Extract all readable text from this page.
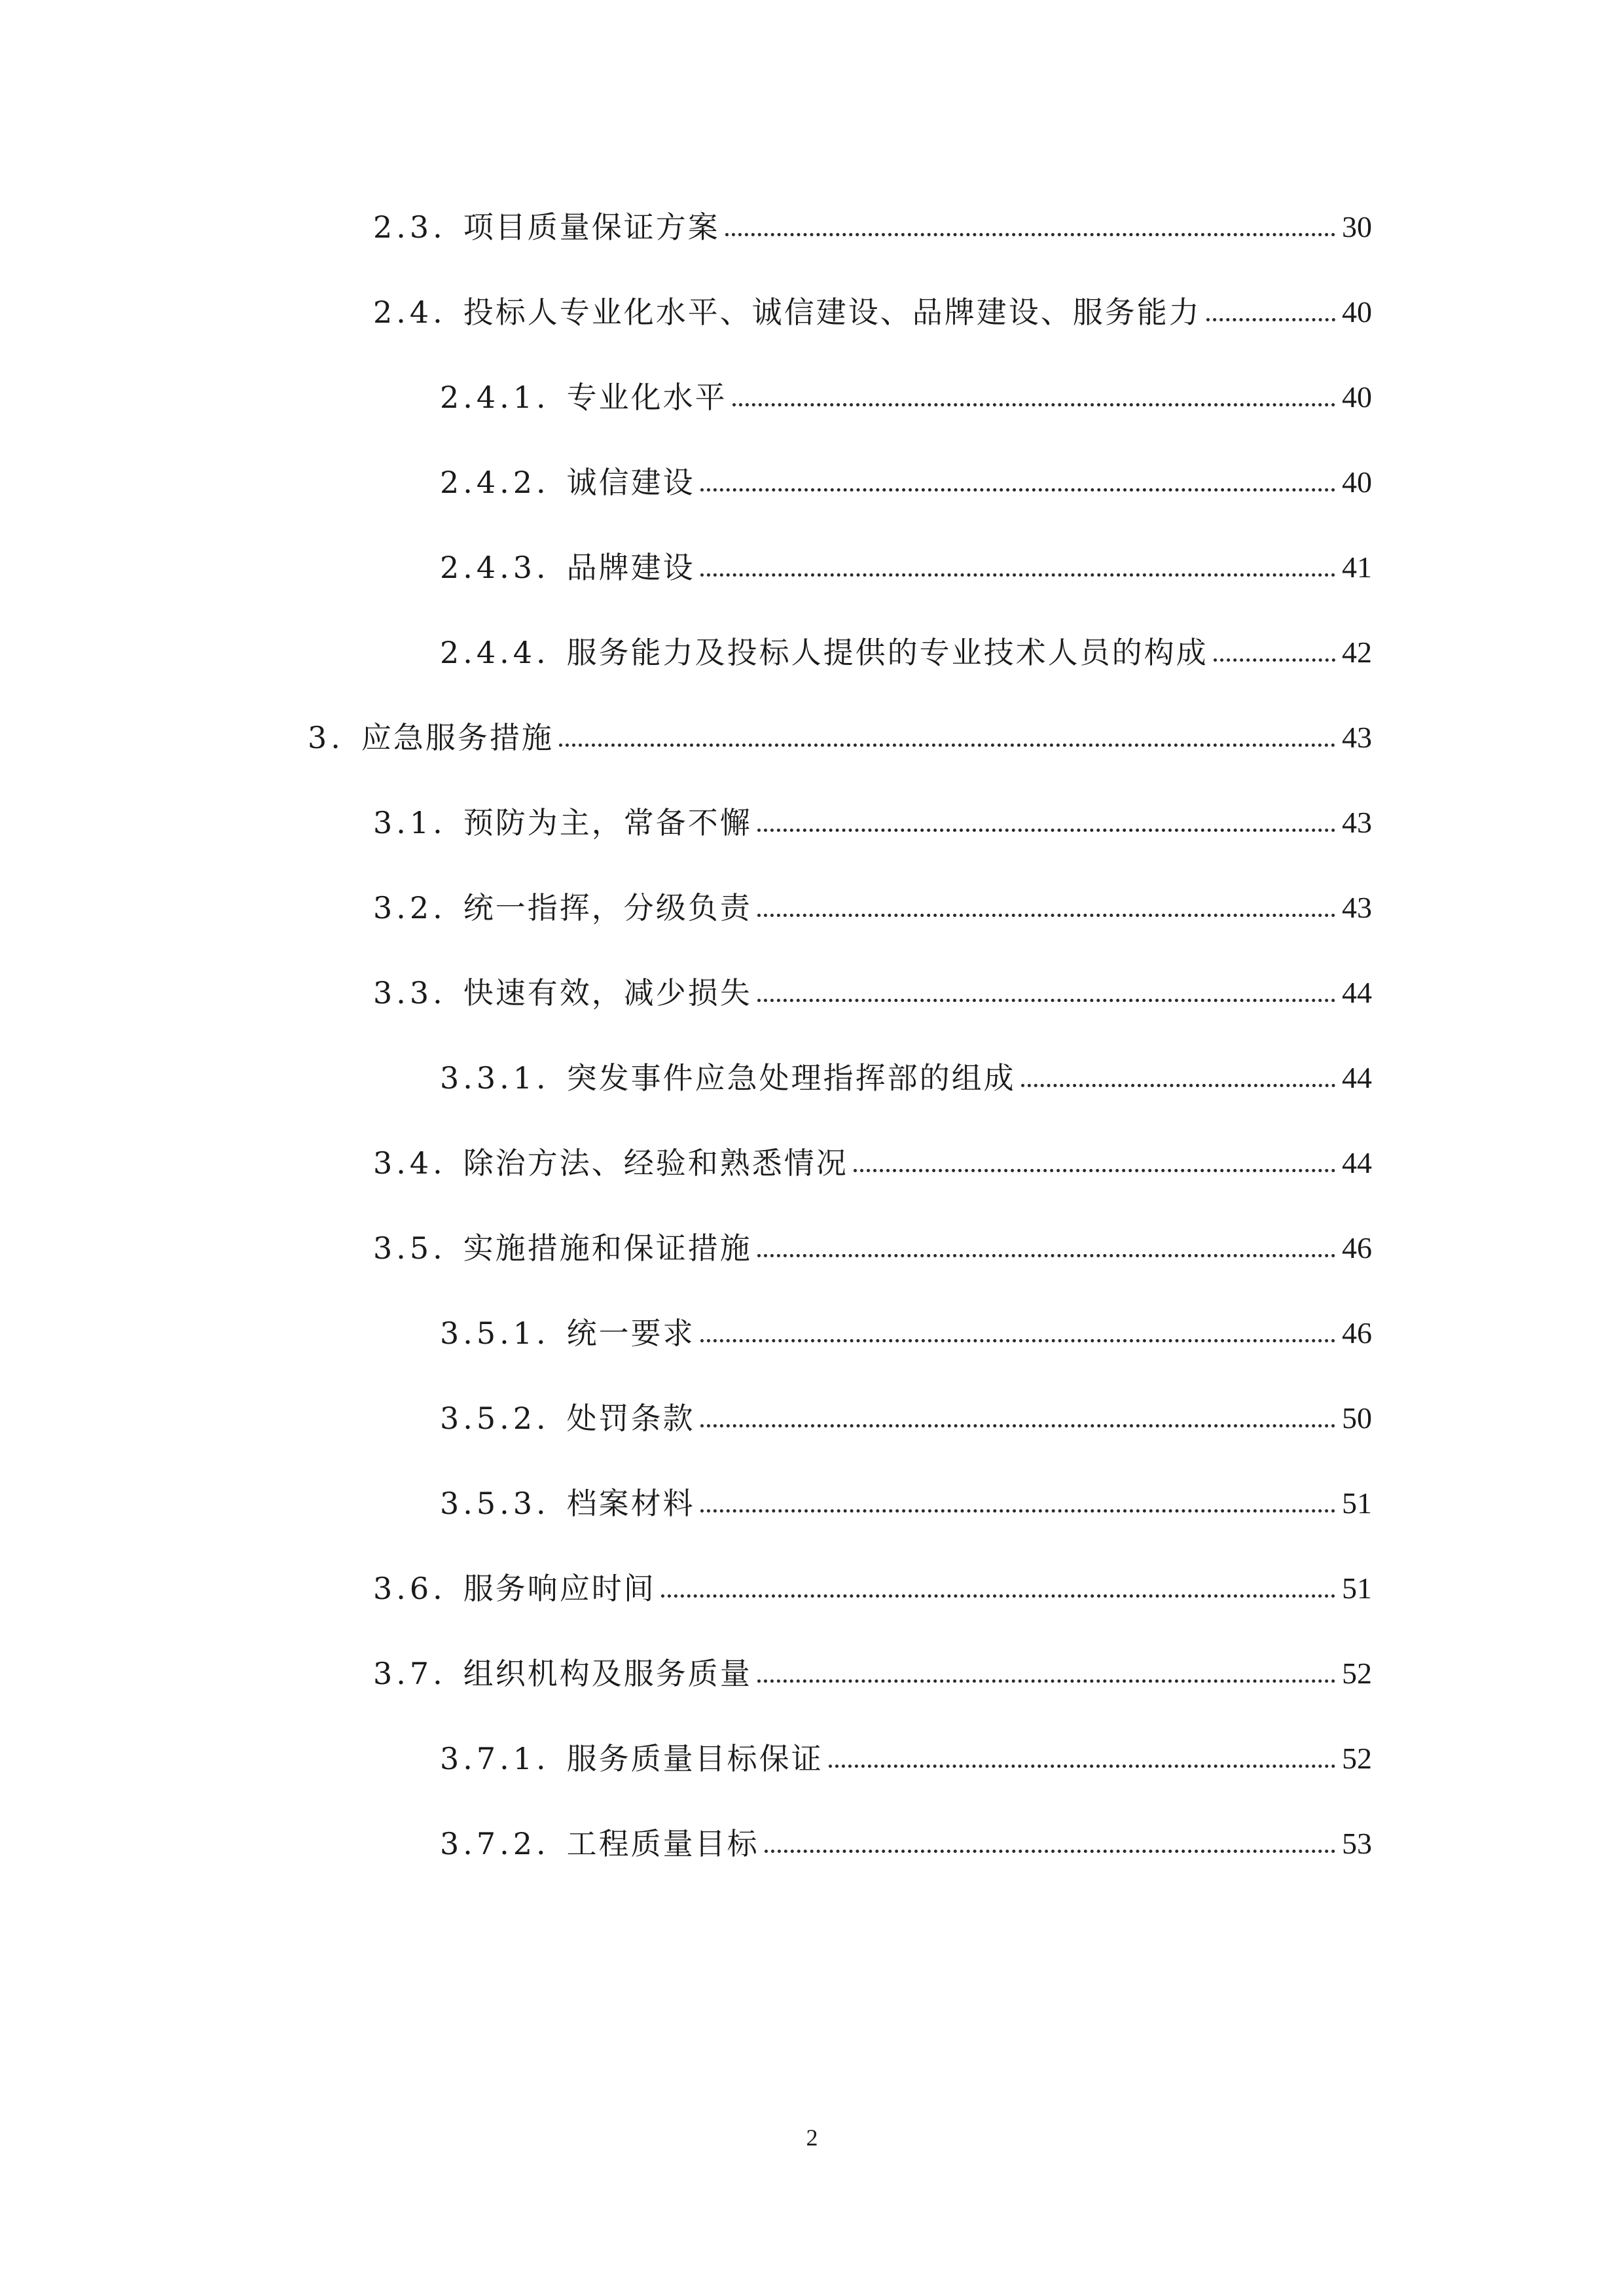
2.3. 项目质量保证方案	30
2.4. 投标人专业化水平、诚信建设、品牌建设、服务能力	40
2.4.1. 专业化水平	40
2.4.2. 诚信建设	40
2.4.3. 品牌建设	41
2.4.4. 服务能力及投标人提供的专业技术人员的构成	42
3. 应急服务措施	43
3.1. 预防为主，常备不懈	43
3.2. 统一指挥，分级负责	43
3.3. 快速有效，减少损失	44
3.3.1. 突发事件应急处理指挥部的组成	44
3.4. 除治方法、经验和熟悉情况	44
3.5. 实施措施和保证措施	46
3.5.1. 统一要求	46
3.5.2. 处罚条款	50
3.5.3. 档案材料	51
3.6. 服务响应时间	51
3.7. 组织机构及服务质量	52
3.7.1. 服务质量目标保证	52
3.7.2. 工程质量目标	53
2
